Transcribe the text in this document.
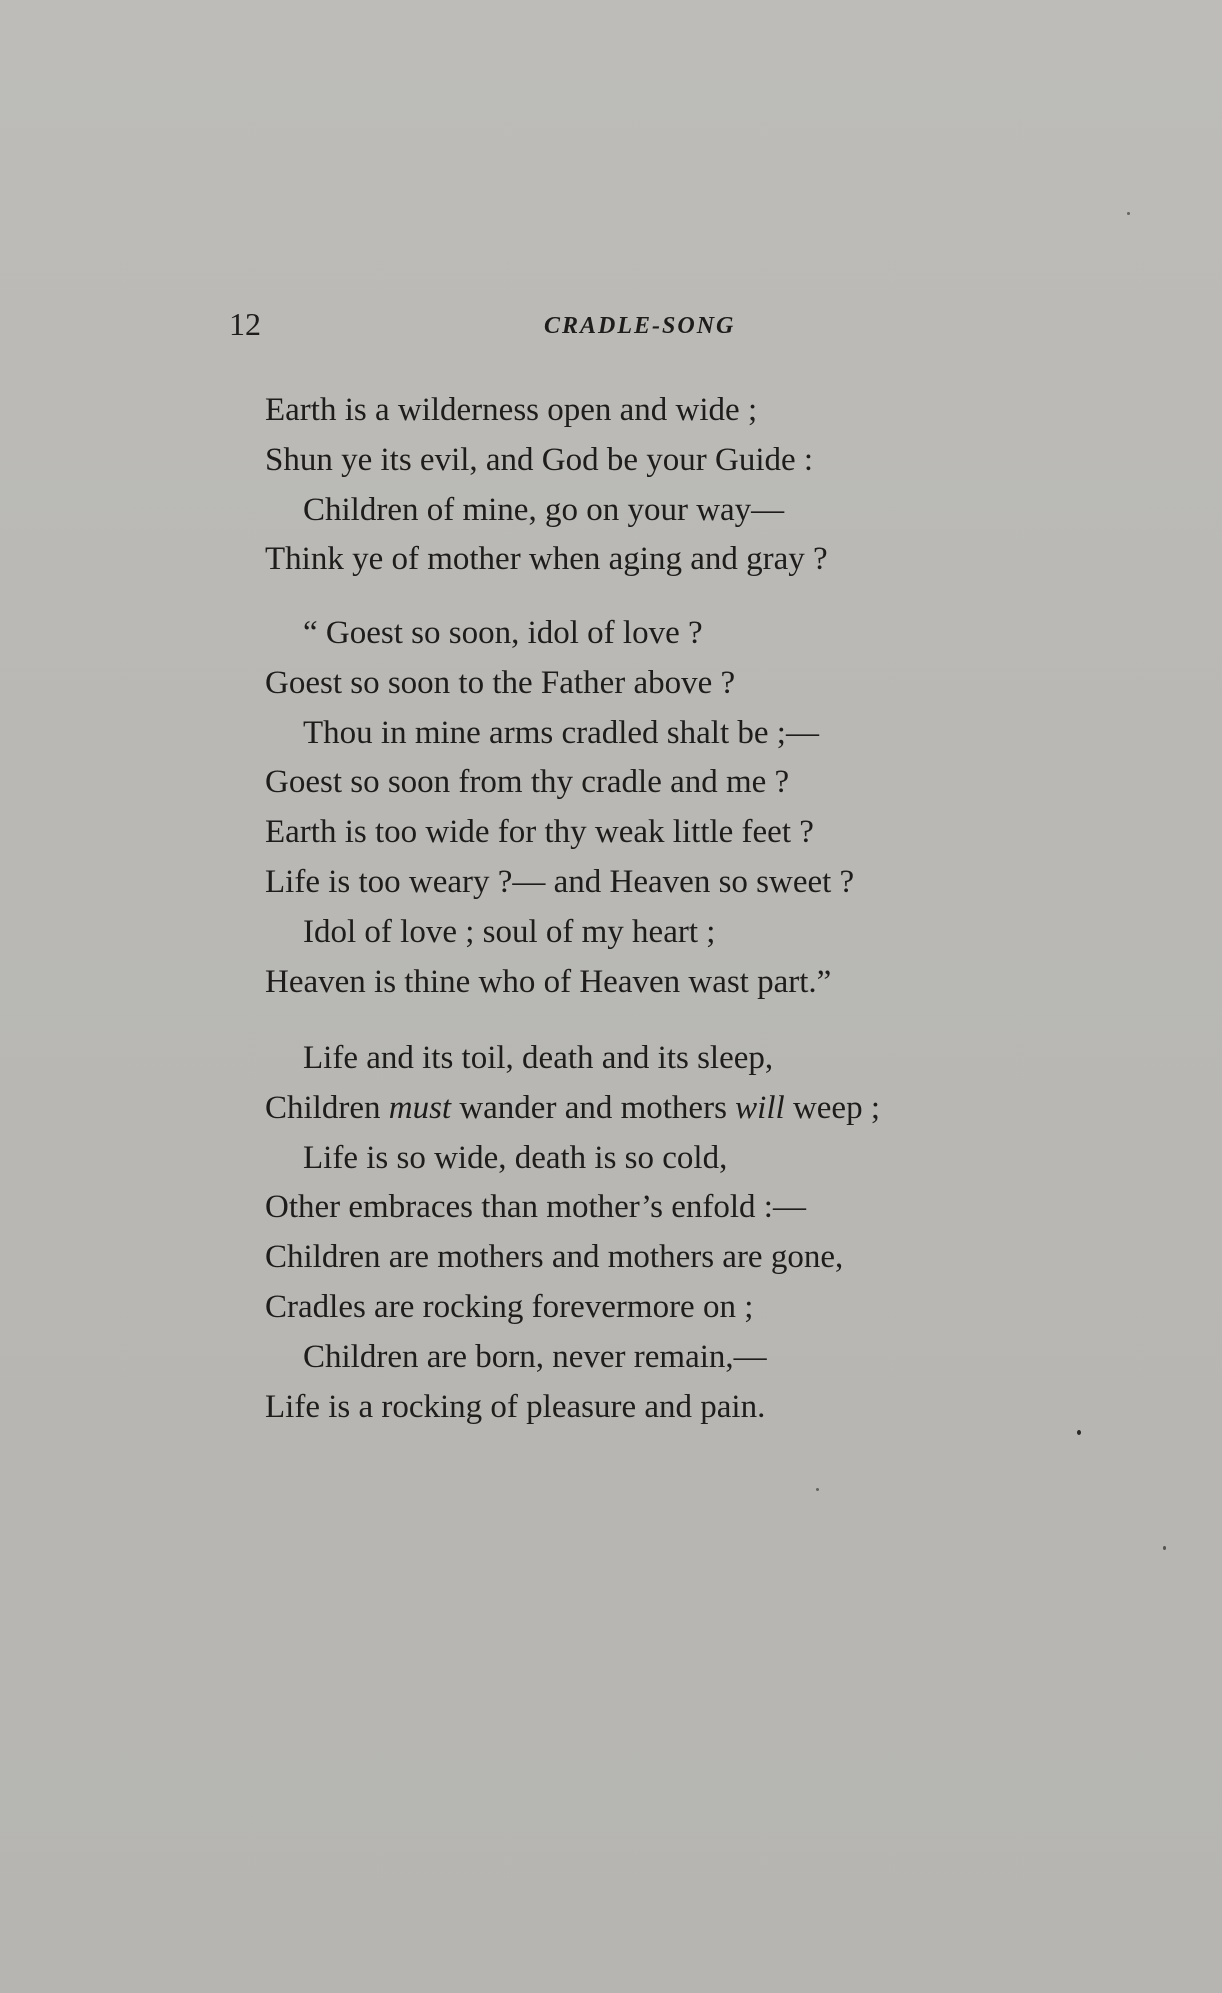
12	CRADLE-SONG
Earth is a wilderness open and wide ;
Shun ye its evil, and God be your Guide :
Children of mine, go on your way—
Think ye of mother when aging and gray ?
“ Goest so soon, idol of love ?
Goest so soon to the Father above ?
Thou in mine arms cradled shalt be ;—
Goest so soon from thy cradle and me ?
Earth is too wide for thy weak little feet ?
Life is too weary ?— and Heaven so sweet ?
Idol of love ; soul of my heart ;
Heaven is thine who of Heaven wast part.”
Life and its toil, death and its sleep,
Children must wander and mothers will weep ;
Life is so wide, death is so cold,
Other embraces than mother’s enfold :—
Children are mothers and mothers are gone,
Cradles are rocking forevermore on ;
Children are born, never remain,—
Life is a rocking of pleasure and pain.
